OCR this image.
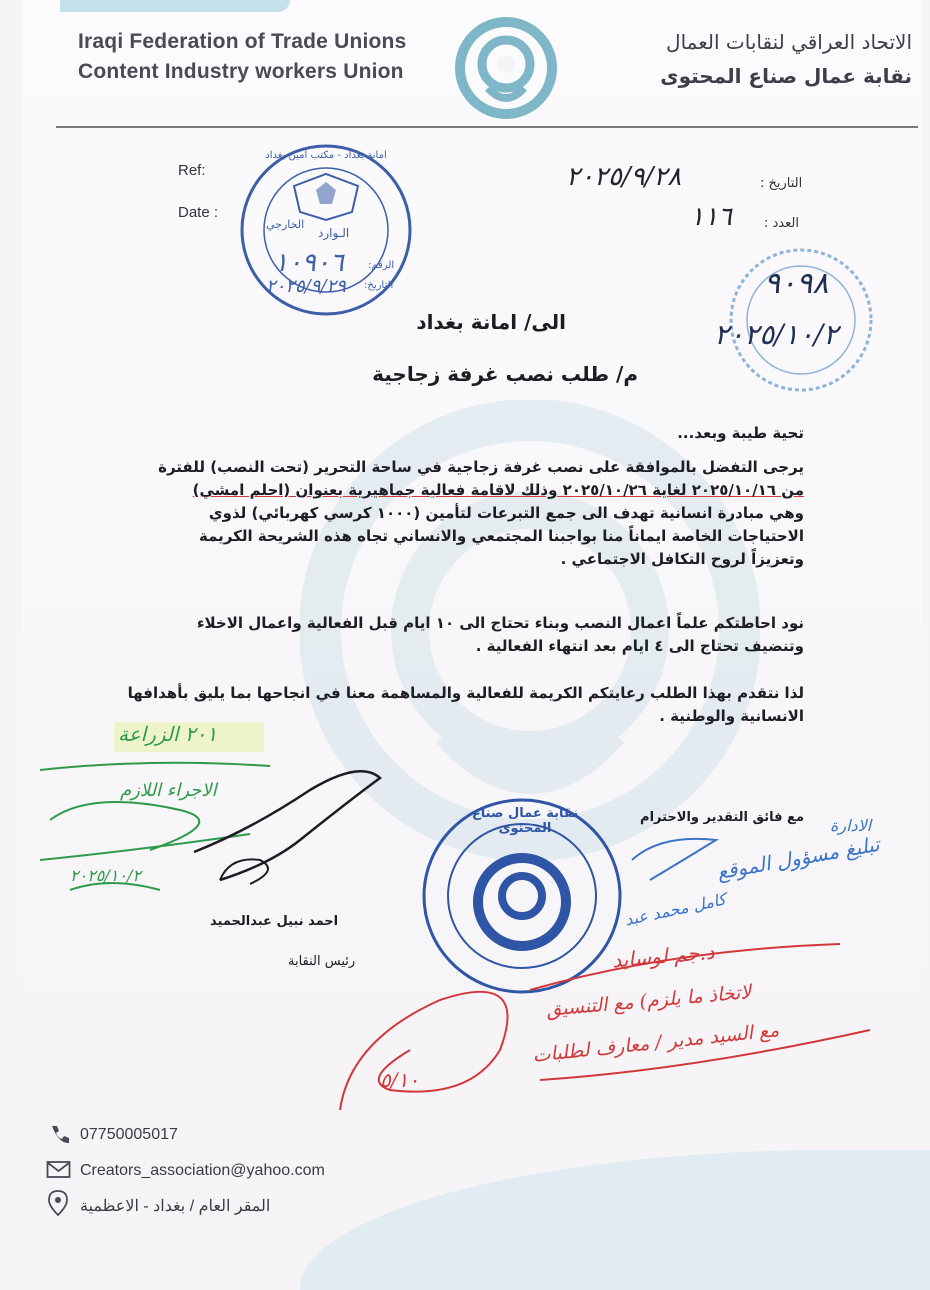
Iraqi Federation of Trade Unions
Content Industry workers Union
الاتحاد العراقي لنقابات العمال
نقابة عمال صناع المحتوى
Ref:
Date :
التاريخ :
٢٠٢٥/٩/٢٨
العدد :
١١٦
امانة بغداد - مكتب امين بغداد
الـوارد
الخارجي
الرقم:
١٠٩٠٦
التاريخ:
٢٠٢٥/٩/٢٩	٩٠٩٨
٢٠٢٥/١٠/٢
الى/ امانة بغداد
م/ طلب نصب غرفة زجاجية
تحية طيبة وبعد...
يرجى التفضل بالموافقة على نصب غرفة زجاجية في ساحة التحرير (تحت النصب) للفترة
من ٢٠٢٥/١٠/١٦ لغاية ٢٠٢٥/١٠/٢٦ وذلك لاقامة فعالية جماهيرية بعنوان (احلم امشي)
وهي مبادرة انسانية تهدف الى جمع التبرعات لتأمين (١٠٠٠ كرسي كهربائي) لذوي
الاحتياجات الخاصة ايماناً منا بواجبنا المجتمعي والانساني تجاه هذه الشريحة الكريمة
وتعزيزاً لروح التكافل الاجتماعي .
نود احاطتكم علماً اعمال النصب وبناء تحتاج الى ١٠ ايام قبل الفعالية واعمال الاخلاء
وتنضيف تحتاج الى ٤ ايام بعد انتهاء الفعالية .
لذا نتقدم بهذا الطلب رعايتكم الكريمة للفعالية والمساهمة معنا في انجاحها بما يليق بأهدافها
الانسانية والوطنية .
مع فائق التقدير والاحترام
٢٠١ الزراعة
الاجراء اللازم
٢٠٢٥/١٠/٢
احمد نبيل عبدالحميد
رئيس النقابة
نقابة عمال صناع المحتوى	الادارة
تبليغ مسؤول الموقع
كامل محمد عبد
د.جم لوسايد
لاتخاذ ما يلزم) مع التنسيق
مع السيد مدير / معارف لطلبات
٥/١٠
07750005017
Creators_association@yahoo.com
المقر العام / بغداد - الاعظمية
